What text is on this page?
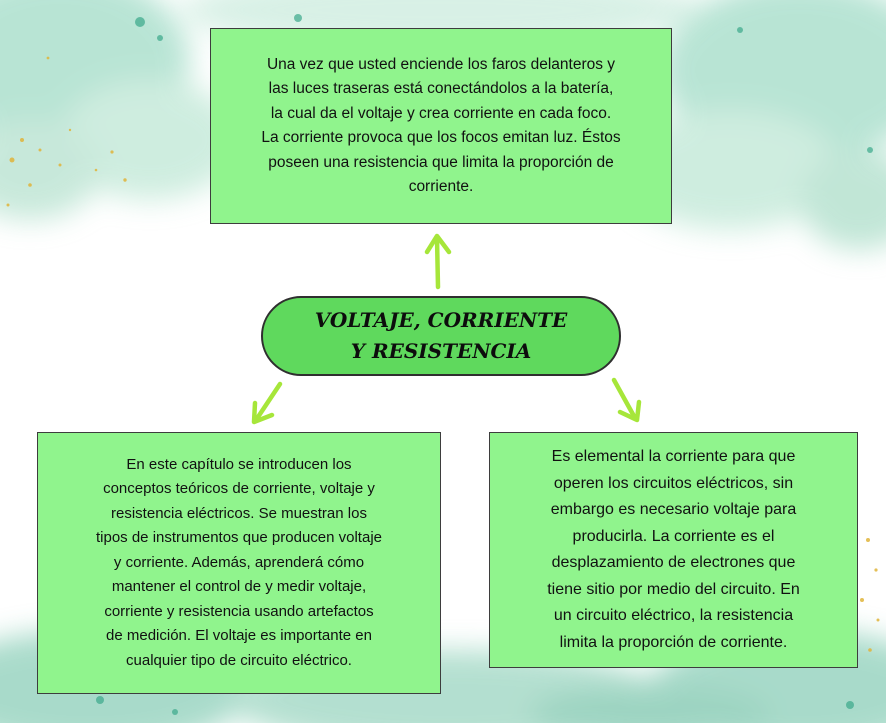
Una vez que usted enciende los faros delanteros y
las luces traseras está conectándolos a la batería,
la cual da el voltaje y crea corriente en cada foco.
La corriente provoca que los focos emitan luz. Éstos
poseen una resistencia que limita la proporción de
corriente.

VOLTAJE, CORRIENTE
Y RESISTENCIA

En este capítulo se introducen los
conceptos teóricos de corriente, voltaje y
resistencia eléctricos. Se muestran los
tipos de instrumentos que producen voltaje
y corriente. Además, aprenderá cómo
mantener el control de y medir voltaje,
corriente y resistencia usando artefactos
de medición. El voltaje es importante en
cualquier tipo de circuito eléctrico.

Es elemental la corriente para que
operen los circuitos eléctricos, sin
embargo es necesario voltaje para
producirla. La corriente es el
desplazamiento de electrones que
tiene sitio por medio del circuito. En
un circuito eléctrico, la resistencia
limita la proporción de corriente.
